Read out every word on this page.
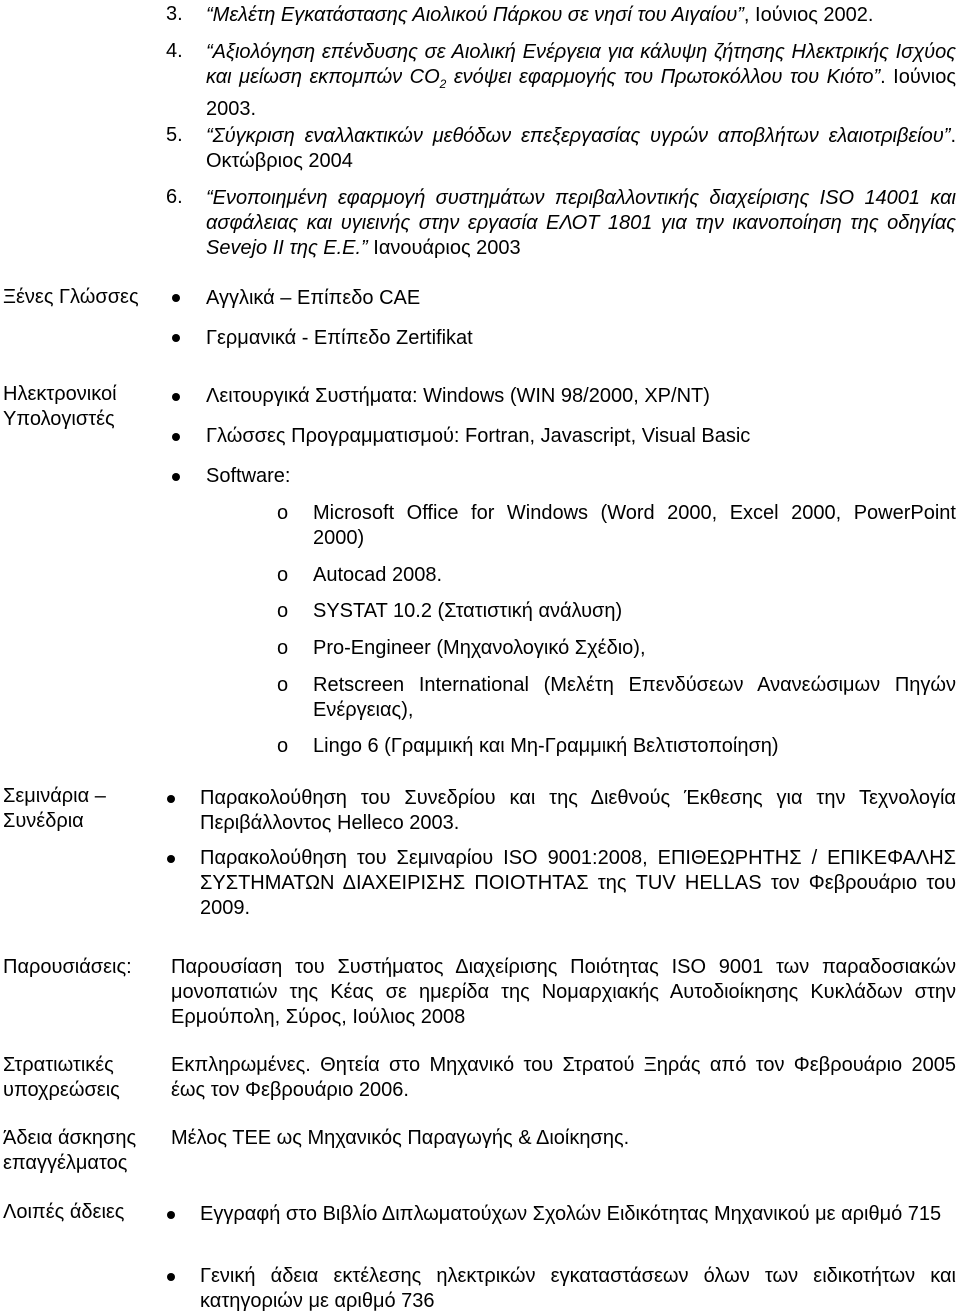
3. “Μελέτη Εγκατάστασης Αιολικού Πάρκου σε νησί του Αιγαίου”, Ιούνιος 2002.
4. “Αξιολόγηση επένδυσης σε Αιολική Ενέργεια για κάλυψη ζήτησης Ηλεκτρικής Ισχύος και μείωση εκπομπών $CO_2$ ενόψει εφαρμογής του Πρωτοκόλλου του Κιότο”. Ιούνιος 2003.
5. “Σύγκριση εναλλακτικών μεθόδων επεξεργασίας υγρών αποβλήτων ελαιοτριβείου”. Οκτώβριος 2004
6. “Ενοποιημένη εφαρμογή συστημάτων περιβαλλοντικής διαχείρισης ISO 14001 και ασφάλειας και υγιεινής στην εργασία ΕΛΟΤ 1801 για την ικανοποίηση της οδηγίας Sevejo II της Ε.Ε.” Ιανουάριος 2003
Ξένες Γλώσσες	Αγγλικά – Επίπεδο CAE
Γερμανικά - Επίπεδο Zertifikat
Ηλεκτρονικοί
Υπολογιστές
Λειτουργικά Συστήματα: Windows (WIN 98/2000, XP/NT)
Γλώσσες Προγραμματισμού: Fortran, Javascript, Visual Basic
Software:
o Microsoft Office for Windows (Word 2000, Excel 2000, PowerPoint 2000)
o Autocad 2008.
o SYSTAT 10.2 (Στατιστική ανάλυση)
o Pro-Engineer (Μηχανολογικό Σχέδιο),
o Retscreen International (Μελέτη Επενδύσεων Ανανεώσιμων Πηγών Ενέργειας),
o Lingo 6 (Γραμμική και Μη-Γραμμική Βελτιστοποίηση)
Σεμινάρια –
Συνέδρια
Παρακολούθηση του Συνεδρίου και της Διεθνούς Έκθεσης για την Τεχνολογία Περιβάλλοντος Helleco 2003.
Παρακολούθηση του Σεμιναρίου ISO 9001:2008, ΕΠΙΘΕΩΡΗΤΗΣ / ΕΠΙΚΕΦΑΛΗΣ ΣΥΣΤΗΜΑΤΩΝ ΔΙΑΧΕΙΡΙΣΗΣ ΠΟΙΟΤΗΤΑΣ της TUV HELLAS τον Φεβρουάριο του 2009.
Παρουσιάσεις: Παρουσίαση του Συστήματος Διαχείρισης Ποιότητας ISO 9001 των παραδοσιακών μονοπατιών της Κέας σε ημερίδα της Νομαρχιακής Αυτοδιοίκησης Κυκλάδων στην Ερμούπολη, Σύρος, Ιούλιος 2008
Στρατιωτικές
υποχρεώσεις
Εκπληρωμένες. Θητεία στο Μηχανικό του Στρατού Ξηράς από τον Φεβρουάριο 2005 έως τον Φεβρουάριο 2006.
Άδεια άσκησης
επαγγέλματος
Μέλος ΤΕΕ ως Μηχανικός Παραγωγής & Διοίκησης.
Λοιπές άδειες	Εγγραφή στο Βιβλίο Διπλωματούχων Σχολών Ειδικότητας Μηχανικού με αριθμό 715
Γενική άδεια εκτέλεσης ηλεκτρικών εγκαταστάσεων όλων των ειδικοτήτων και κατηγοριών με αριθμό 736
